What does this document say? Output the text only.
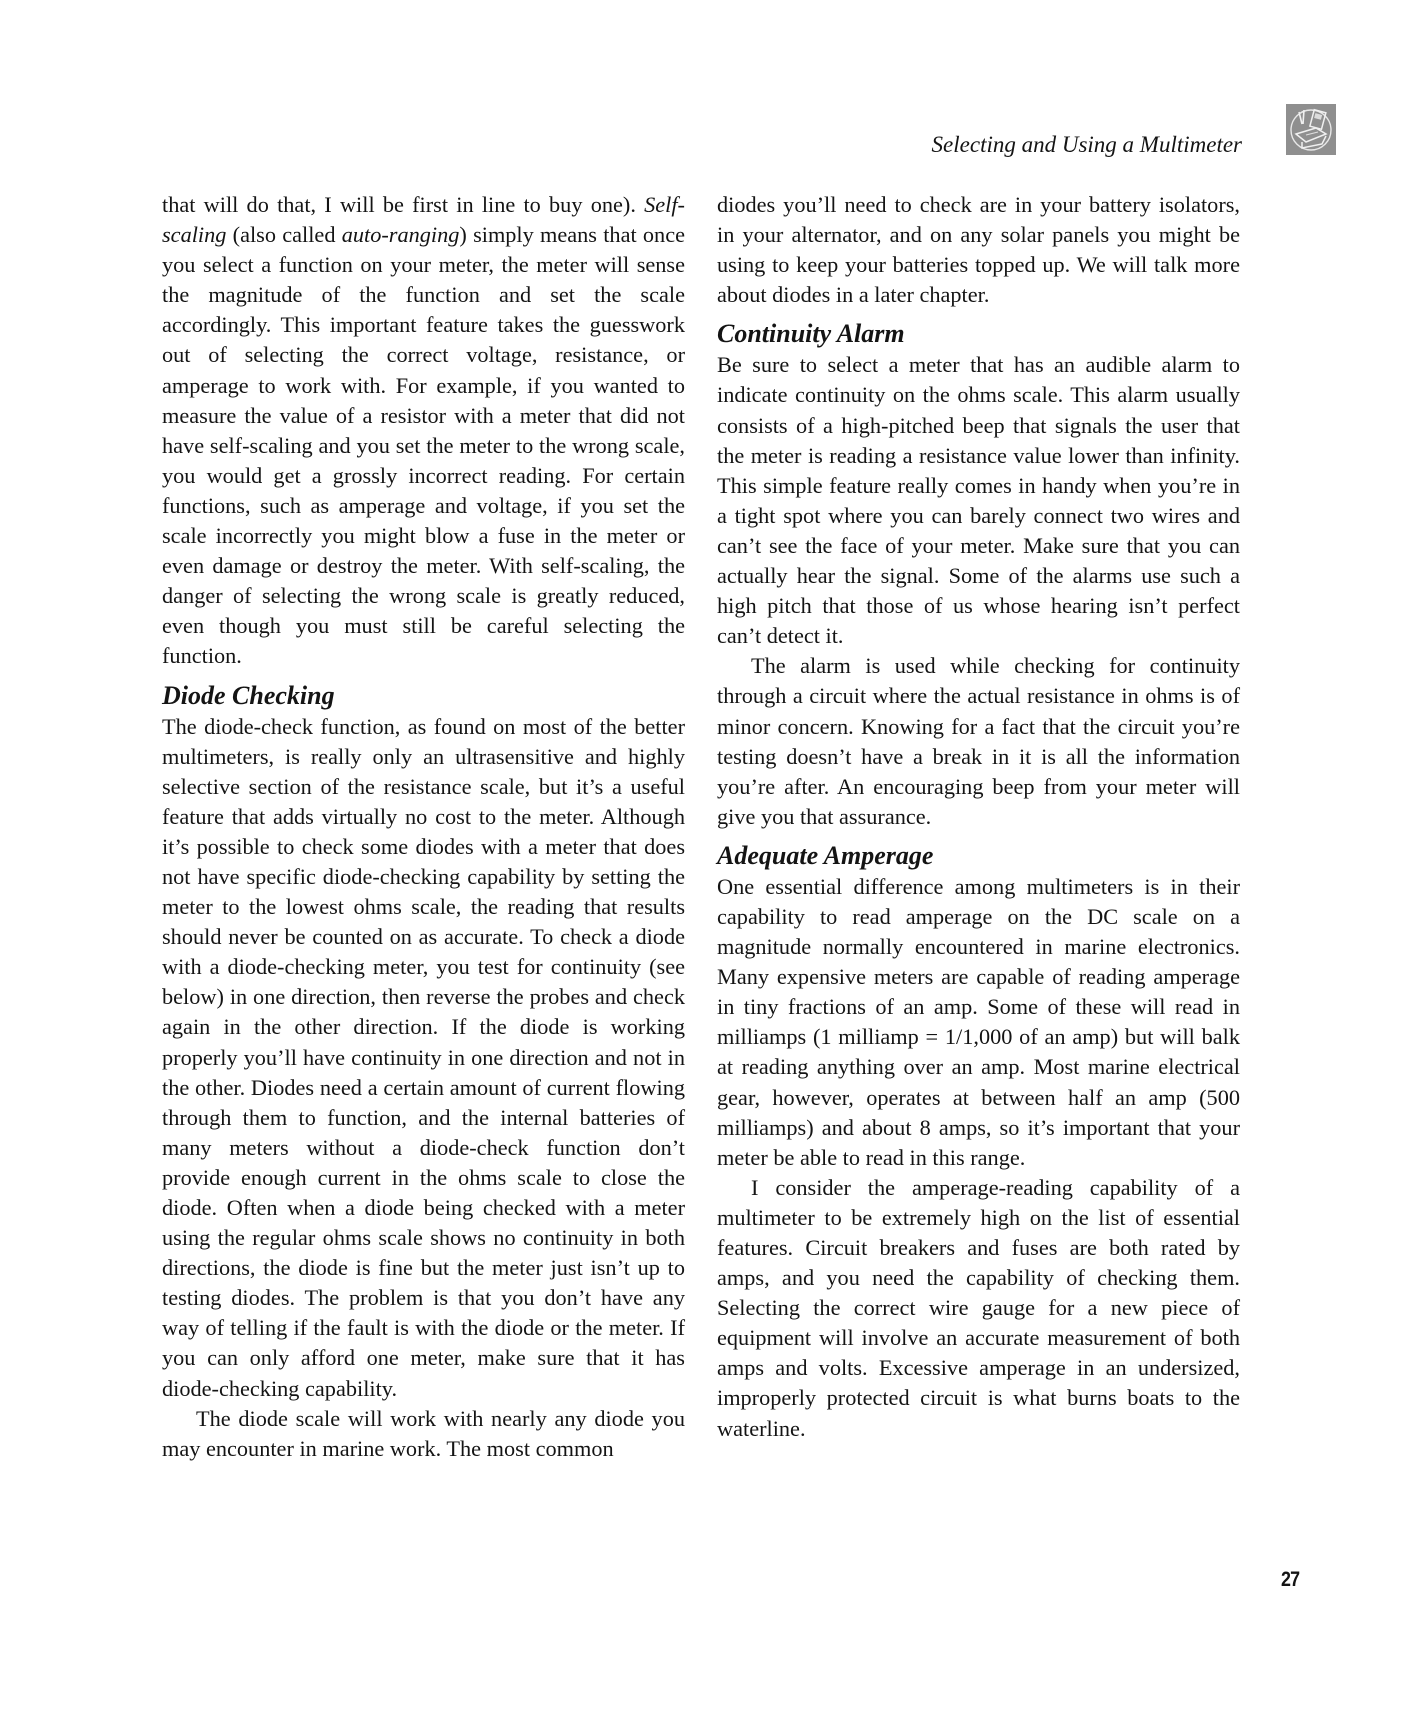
Selecting and Using a Multimeter

that will do that, I will be first in line to buy one). Self-scaling (also called auto-ranging) simply means that once you select a function on your meter, the meter will sense the magnitude of the function and set the scale accordingly. This important feature takes the guesswork out of selecting the correct voltage, resistance, or amperage to work with. For example, if you wanted to measure the value of a resistor with a meter that did not have self-scaling and you set the meter to the wrong scale, you would get a grossly incorrect reading. For certain functions, such as amperage and voltage, if you set the scale incorrectly you might blow a fuse in the meter or even damage or destroy the meter. With self-scaling, the danger of selecting the wrong scale is greatly reduced, even though you must still be careful selecting the function.

Diode Checking

The diode-check function, as found on most of the better multimeters, is really only an ultrasensitive and highly selective section of the resistance scale, but it’s a useful feature that adds virtually no cost to the meter. Although it’s possible to check some diodes with a meter that does not have specific diode-checking capability by setting the meter to the lowest ohms scale, the reading that results should never be counted on as accurate. To check a diode with a diode-checking meter, you test for continuity (see below) in one direction, then reverse the probes and check again in the other direction. If the diode is working properly you’ll have continuity in one direction and not in the other. Diodes need a certain amount of current flowing through them to function, and the internal batteries of many meters without a diode-check function don’t provide enough current in the ohms scale to close the diode. Often when a diode being checked with a meter using the regular ohms scale shows no continuity in both directions, the diode is fine but the meter just isn’t up to testing diodes. The problem is that you don’t have any way of telling if the fault is with the diode or the meter. If you can only afford one meter, make sure that it has diode-checking capability.

The diode scale will work with nearly any diode you may encounter in marine work. The most common

diodes you’ll need to check are in your battery isolators, in your alternator, and on any solar panels you might be using to keep your batteries topped up. We will talk more about diodes in a later chapter.

Continuity Alarm

Be sure to select a meter that has an audible alarm to indicate continuity on the ohms scale. This alarm usually consists of a high-pitched beep that signals the user that the meter is reading a resistance value lower than infinity. This simple feature really comes in handy when you’re in a tight spot where you can barely connect two wires and can’t see the face of your meter. Make sure that you can actually hear the signal. Some of the alarms use such a high pitch that those of us whose hearing isn’t perfect can’t detect it.

The alarm is used while checking for continuity through a circuit where the actual resistance in ohms is of minor concern. Knowing for a fact that the circuit you’re testing doesn’t have a break in it is all the information you’re after. An encouraging beep from your meter will give you that assurance.

Adequate Amperage

One essential difference among multimeters is in their capability to read amperage on the DC scale on a magnitude normally encountered in marine electronics. Many expensive meters are capable of reading amperage in tiny fractions of an amp. Some of these will read in milliamps (1 milliamp = 1/1,000 of an amp) but will balk at reading anything over an amp. Most marine electrical gear, however, operates at between half an amp (500 milliamps) and about 8 amps, so it’s important that your meter be able to read in this range.

I consider the amperage-reading capability of a multimeter to be extremely high on the list of essential features. Circuit breakers and fuses are both rated by amps, and you need the capability of checking them. Selecting the correct wire gauge for a new piece of equipment will involve an accurate measurement of both amps and volts. Excessive amperage in an undersized, improperly protected circuit is what burns boats to the waterline.

27
